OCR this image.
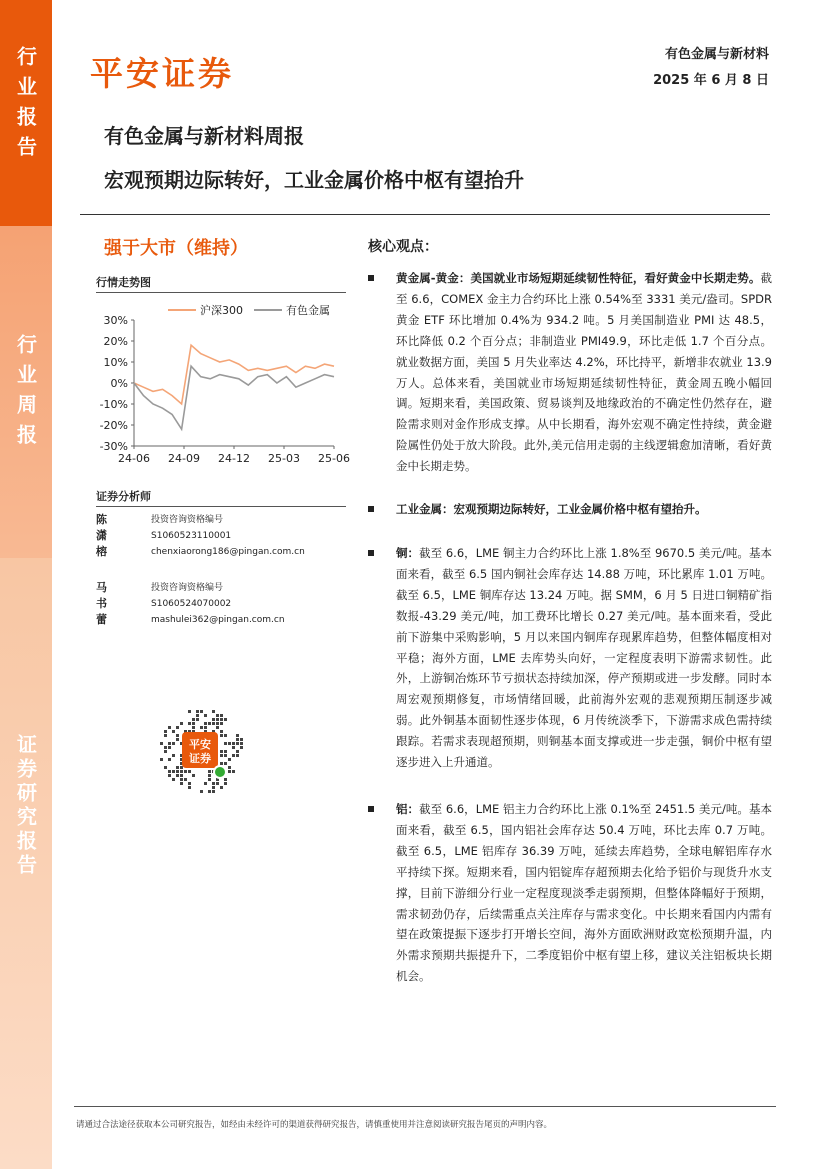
行业报告
行业周报
证券研究报告
平安证券	有色金属与新材料
2025 年 6 月 8 日
有色金属与新材料周报
宏观预期边际转好，工业金属价格中枢有望抬升
强于大市（维持）
行情走势图
沪深300	有色金属
30%
20%
10%
0%
-10%
-20%
-30%
24-06 24-09 24-12 25-03 25-06
证券分析师
陈潇榕
投资咨询资格编号
S1060523110001
chenxiaorong186@pingan.com.cn
马书蕾
投资咨询资格编号
S1060524070002
mashulei362@pingan.com.cn
平安
证券
核心观点：
黄金属-黄金：美国就业市场短期延续韧性特征，看好黄金中长期走势。截至 6.6，COMEX 金主力合约环比上涨 0.54%至 3331 美元/盎司。SPDR 黄金 ETF 环比增加 0.4%为 934.2 吨。5 月美国制造业 PMI 达 48.5，环比降低 0.2 个百分点；非制造业 PMI49.9，环比走低 1.7 个百分点。就业数据方面，美国 5 月失业率达 4.2%，环比持平，新增非农就业 13.9 万人。总体来看，美国就业市场短期延续韧性特征，黄金周五晚小幅回调。短期来看，美国政策、贸易谈判及地缘政治的不确定性仍然存在，避险需求则对金作形成支撑。从中长期看，海外宏观不确定性持续，黄金避险属性仍处于放大阶段。此外,美元信用走弱的主线逻辑愈加清晰，看好黄金中长期走势。
工业金属：宏观预期边际转好，工业金属价格中枢有望抬升。
铜：截至 6.6，LME 铜主力合约环比上涨 1.8%至 9670.5 美元/吨。基本面来看，截至 6.5 国内铜社会库存达 14.88 万吨，环比累库 1.01 万吨。截至 6.5，LME 铜库存达 13.24 万吨。据 SMM，6 月 5 日进口铜精矿指数报-43.29 美元/吨，加工费环比增长 0.27 美元/吨。基本面来看，受此前下游集中采购影响，5 月以来国内铜库存现累库趋势，但整体幅度相对平稳；海外方面，LME 去库势头向好，一定程度表明下游需求韧性。此外，上游铜冶炼环节亏损状态持续加深，停产预期或进一步发酵。同时本周宏观预期修复，市场情绪回暖，此前海外宏观的悲观预期压制逐步减弱。此外铜基本面韧性逐步体现，6 月传统淡季下，下游需求成色需持续跟踪。若需求表现超预期，则铜基本面支撑或进一步走强，铜价中枢有望逐步进入上升通道。
铝：截至 6.6，LME 铝主力合约环比上涨 0.1%至 2451.5 美元/吨。基本面来看，截至 6.5，国内铝社会库存达 50.4 万吨，环比去库 0.7 万吨。截至 6.5，LME 铝库存 36.39 万吨，延续去库趋势，全球电解铝库存水平持续下探。短期来看，国内铝锭库存超预期去化给予铝价与现货升水支撑，目前下游细分行业一定程度现淡季走弱预期，但整体降幅好于预期，需求韧劲仍存，后续需重点关注库存与需求变化。中长期来看国内内需有望在政策提振下逐步打开增长空间，海外方面欧洲财政宽松预期升温，内外需求预期共振提升下，二季度铝价中枢有望上移，建议关注铝板块长期机会。
请通过合法途径获取本公司研究报告，如经由未经许可的渠道获得研究报告，请慎重使用并注意阅读研究报告尾页的声明内容。
